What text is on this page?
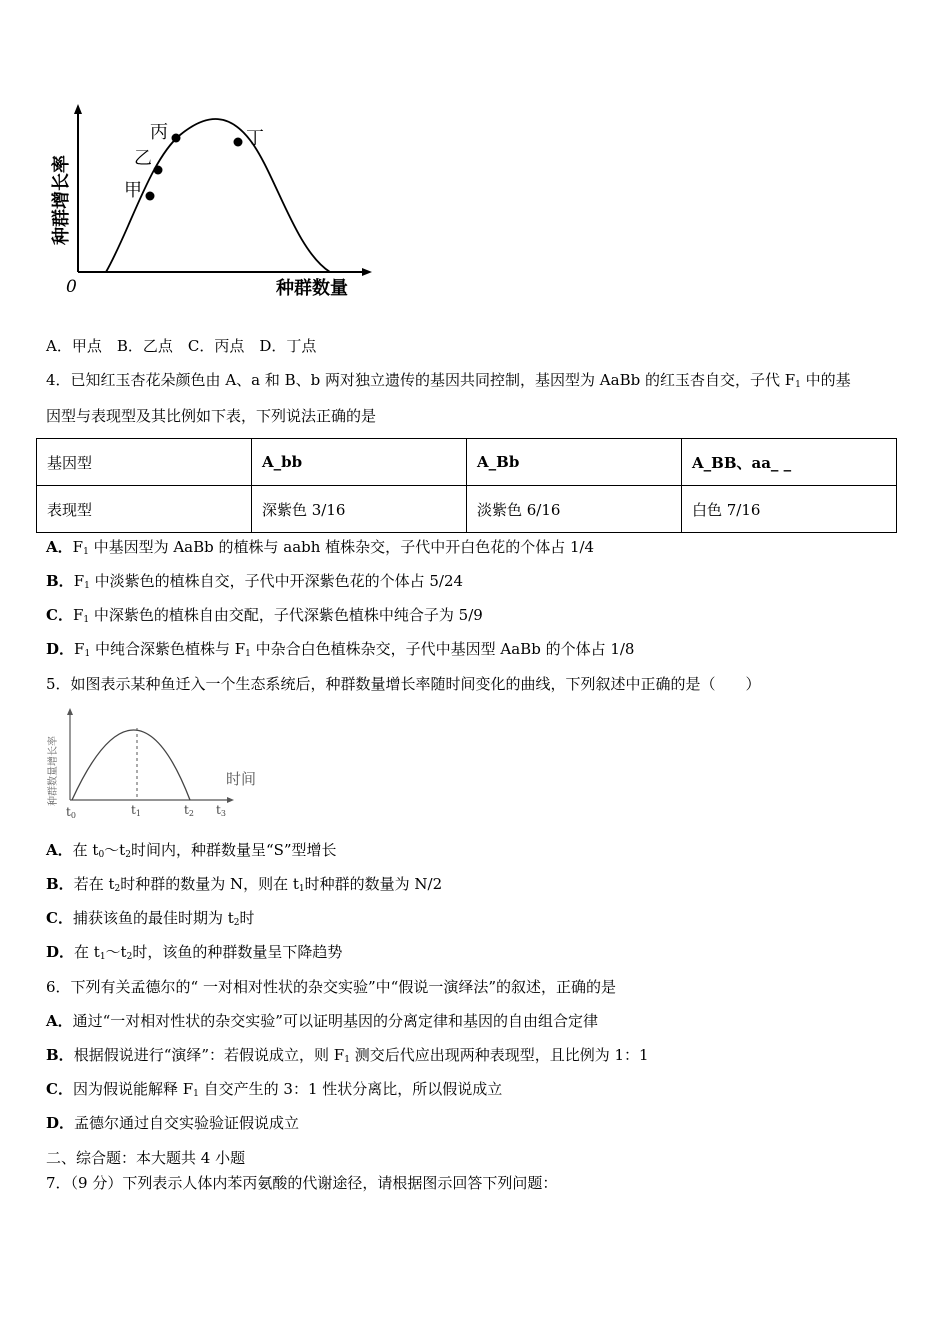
甲
乙
丙	丁
0	种群数量
种群增长率
A．甲点　B．乙点　C．丙点　D．丁点
4．已知红玉杏花朵颜色由 A、a 和 B、b 两对独立遗传的基因共同控制，基因型为 AaBb 的红玉杏自交，子代 $F_1$ 中的基
因型与表现型及其比例如下表，下列说法正确的是
基因型	A_bb	A_Bb	A_BB、aa_ _
表现型	深紫色 3/16	淡紫色 6/16	白色 7/16
A．$F_1$ 中基因型为 AaBb 的植株与 aabh 植株杂交，子代中开白色花的个体占 1/4
B．$F_1$ 中淡紫色的植株自交，子代中开深紫色花的个体占 5/24
C．$F_1$ 中深紫色的植株自由交配，子代深紫色植株中纯合子为 5/9
D．$F_1$ 中纯合深紫色植株与 $F_1$ 中杂合白色植株杂交，子代中基因型 AaBb 的个体占 1/8
5．如图表示某种鱼迁入一个生态系统后，种群数量增长率随时间变化的曲线，下列叙述中正确的是（　　）
时间
种群数量增长率
t0	t1	t2 t3
A．在 $t_0\sim t_2$时间内，种群数量呈“S”型增长
B．若在 $t_2$时种群的数量为 N，则在 $t_1$时种群的数量为 N/2
C．捕获该鱼的最佳时期为 $t_2$时
D．在 $t_1\sim t_2$时，该鱼的种群数量呈下降趋势
6．下列有关孟德尔的“ 一对相对性状的杂交实验”中“假说一演绎法”的叙述，正确的是
A．通过“一对相对性状的杂交实验”可以证明基因的分离定律和基因的自由组合定律
B．根据假说进行“演绎”：若假说成立，则 $F_1$ 测交后代应出现两种表现型，且比例为 1：1
C．因为假说能解释 $F_1$ 自交产生的 3：1 性状分离比，所以假说成立
D．孟德尔通过自交实验验证假说成立
二、综合题：本大题共 4 小题
7．（9 分）下列表示人体内苯丙氨酸的代谢途径，请根据图示回答下列问题：
